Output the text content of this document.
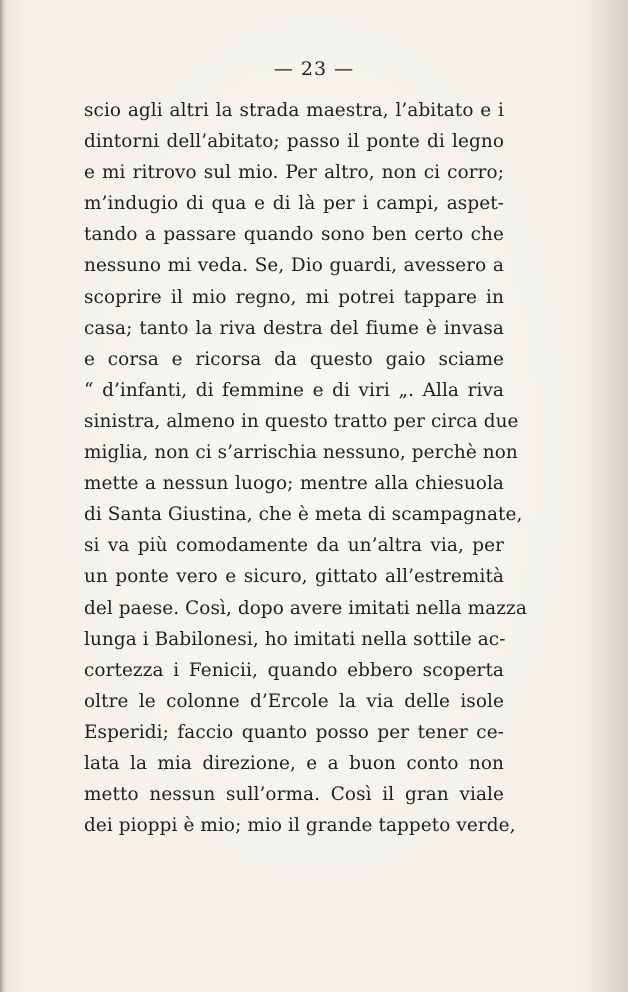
— 23 —
scio agli altri la strada maestra, l’abitato e i
dintorni dell’abitato; passo il ponte di legno
e mi ritrovo sul mio. Per altro, non ci corro;
m’indugio di qua e di là per i campi, aspet-
tando a passare quando sono ben certo che
nessuno mi veda. Se, Dio guardi, avessero a
scoprire il mio regno, mi potrei tappare in
casa; tanto la riva destra del fiume è invasa
e corsa e ricorsa da questo gaio sciame
“ d’infanti, di femmine e di viri „. Alla riva
sinistra, almeno in questo tratto per circa due
miglia, non ci s’arrischia nessuno, perchè non
mette a nessun luogo; mentre alla chiesuola
di Santa Giustina, che è meta di scampagnate,
si va più comodamente da un’altra via, per
un ponte vero e sicuro, gittato all’estremità
del paese. Così, dopo avere imitati nella mazza
lunga i Babilonesi, ho imitati nella sottile ac-
cortezza i Fenicii, quando ebbero scoperta
oltre le colonne d’Ercole la via delle isole
Esperidi; faccio quanto posso per tener ce-
lata la mia direzione, e a buon conto non
metto nessun sull’orma. Così il gran viale
dei pioppi è mio; mio il grande tappeto verde,
